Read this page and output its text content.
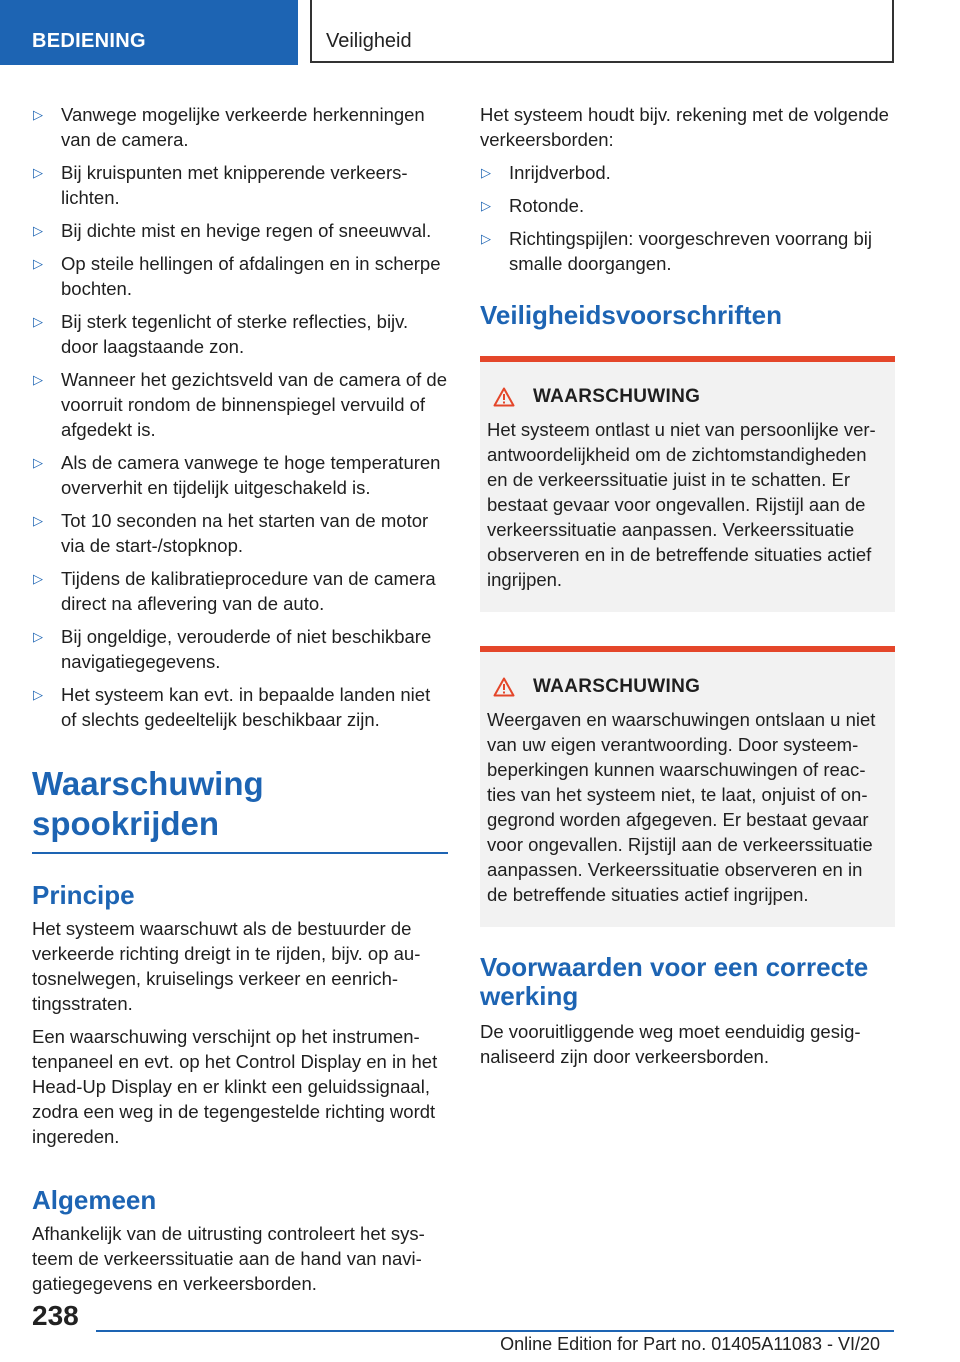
BEDIENING	Veiligheid
▷ Vanwege mogelijke verkeerde herkenningen van de camera.
▷ Bij kruispunten met knipperende verkeerslichten.
▷ Bij dichte mist en hevige regen of sneeuwval.
▷ Op steile hellingen of afdalingen en in scherpe bochten.
▷ Bij sterk tegenlicht of sterke reflecties, bijv. door laagstaande zon.
▷ Wanneer het gezichtsveld van de camera of de voorruit rondom de binnenspiegel vervuild of afgedekt is.
▷ Als de camera vanwege te hoge temperaturen oververhit en tijdelijk uitgeschakeld is.
▷ Tot 10 seconden na het starten van de motor via de start-/stopknop.
▷ Tijdens de kalibratieprocedure van de camera direct na aflevering van de auto.
▷ Bij ongeldige, verouderde of niet beschikbare navigatiegegevens.
▷ Het systeem kan evt. in bepaalde landen niet of slechts gedeeltelijk beschikbaar zijn.
Waarschuwing spookrijden
Principe

Het systeem waarschuwt als de bestuurder de verkeerde richting dreigt in te rijden, bijv. op autosnelwegen, kruiselings verkeer en eenrichtingsstraten.

Een waarschuwing verschijnt op het instrumentenpaneel en evt. op het Control Display en in het Head-Up Display en er klinkt een geluidssignaal, zodra een weg in de tegengestelde richting wordt ingereden.

Algemeen

Afhankelijk van de uitrusting controleert het systeem de verkeerssituatie aan de hand van navigatiegegevens en verkeersborden.

Het systeem houdt bijv. rekening met de volgende verkeersborden:

▷ Inrijdverbod.
▷ Rotonde.
▷ Richtingspijlen: voorgeschreven voorrang bij smalle doorgangen.
Veiligheidsvoorschriften
WAARSCHUWING

Het systeem ontlast u niet van persoonlijke verantwoordelijkheid om de zichtomstandigheden en de verkeerssituatie juist in te schatten. Er bestaat gevaar voor ongevallen. Rijstijl aan de verkeerssituatie aanpassen. Verkeerssituatie observeren en in de betreffende situaties actief ingrijpen.

WAARSCHUWING

Weergaven en waarschuwingen ontslaan u niet van uw eigen verantwoording. Door systeembeperkingen kunnen waarschuwingen of reacties van het systeem niet, te laat, onjuist of ongegrond worden afgegeven. Er bestaat gevaar voor ongevallen. Rijstijl aan de verkeerssituatie aanpassen. Verkeerssituatie observeren en in de betreffende situaties actief ingrijpen.

Voorwaarden voor een correcte werking

De vooruitliggende weg moet eenduidig gesignaliseerd zijn door verkeersborden.

238
Online Edition for Part no. 01405A11083 - VI/20
